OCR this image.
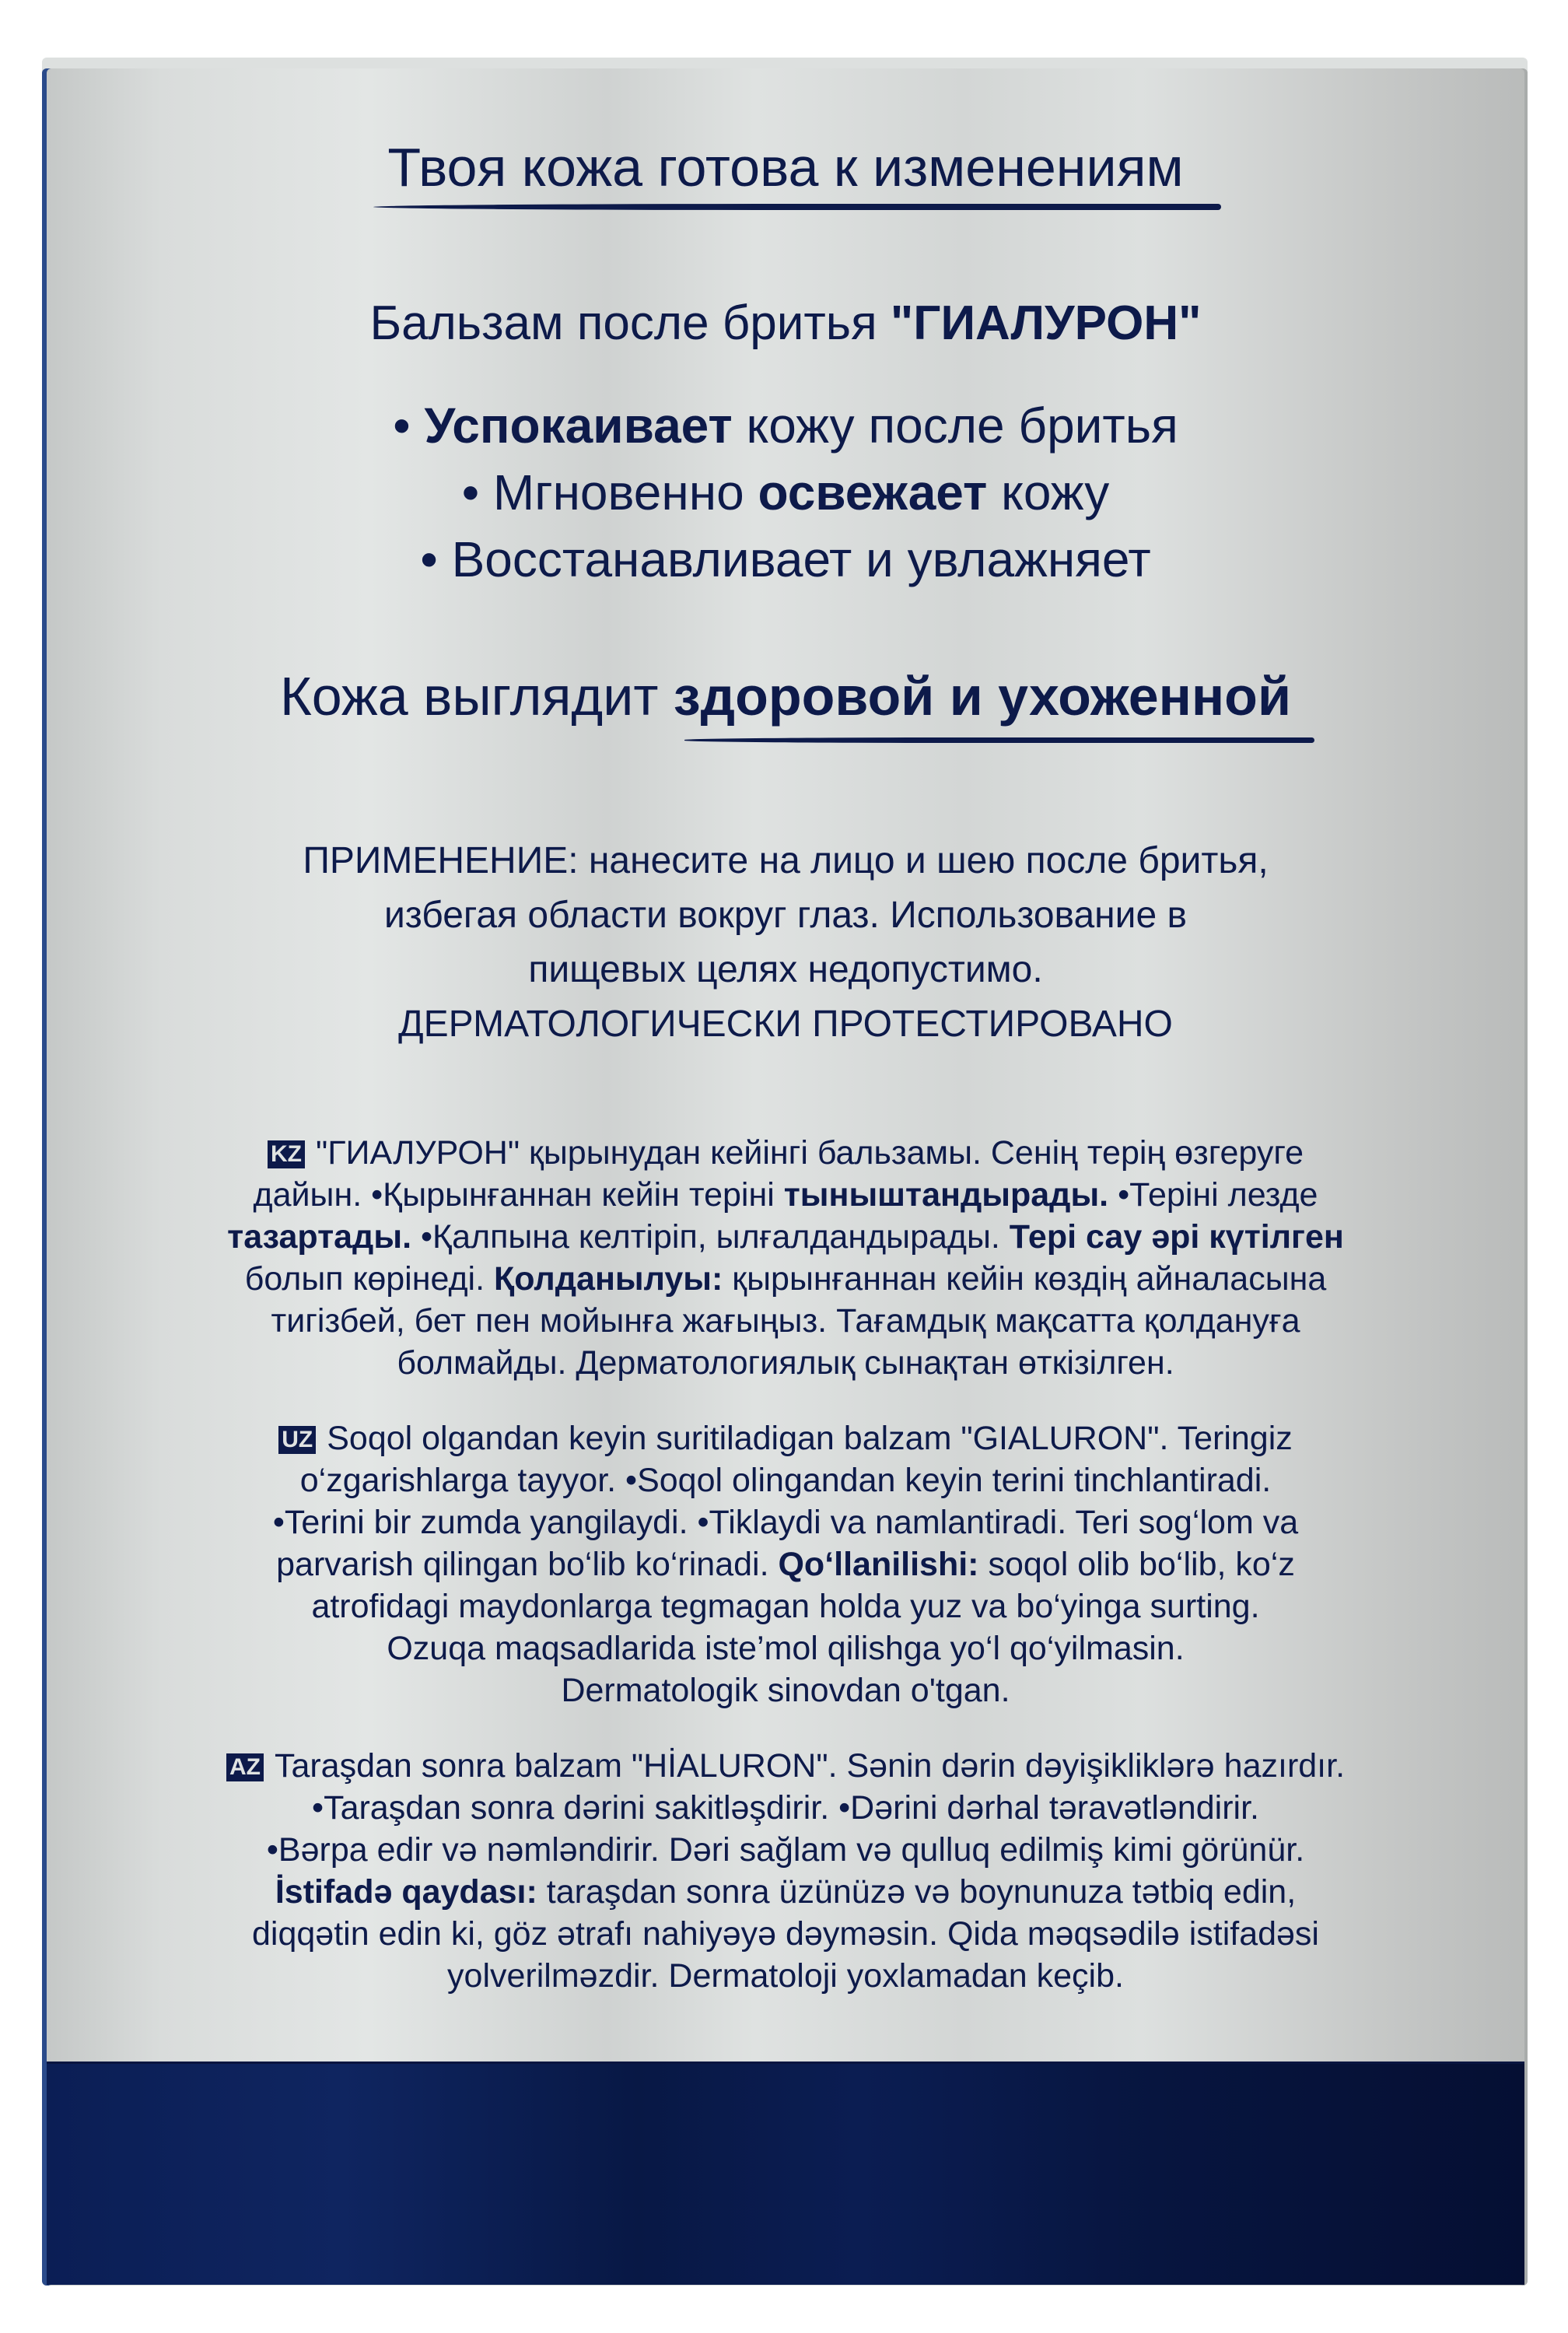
Твоя кожа готова к изменениям
Бальзам после бритья "ГИАЛУРОН"
• Успокаивает кожу после бритья
• Мгновенно освежает кожу
• Восстанавливает и увлажняет
Кожа выглядит здоровой и ухоженной
ПРИМЕНЕНИЕ: нанесите на лицо и шею после бритья,
избегая области вокруг глаз. Использование в
пищевых целях недопустимо.
ДЕРМАТОЛОГИЧЕСКИ ПРОТЕСТИРОВАНО
KZ "ГИАЛУРОН" қырынудан кейінгі бальзамы. Сенің терің өзгеруге
дайын. •Қырынғаннан кейін теріні тыныштандырады. •Теріні лезде
тазартады. •Қалпына келтіріп, ылғалдандырады. Тері сау әрі күтілген
болып көрінеді. Қолданылуы: қырынғаннан кейін көздің айналасына
тигізбей, бет пен мойынға жағыңыз. Тағамдық мақсатта қолдануға
болмайды. Дерматологиялық сынақтан өткізілген.
UZ Soqol olgandan keyin suritiladigan balzam "GIALURON". Teringiz
o‘zgarishlarga tayyor. •Soqol olingandan keyin terini tinchlantiradi.
•Terini bir zumda yangilaydi. •Tiklaydi va namlantiradi. Teri sog‘lom va
parvarish qilingan bo‘lib ko‘rinadi. Qo‘llanilishi: soqol olib bo‘lib, ko‘z
atrofidagi maydonlarga tegmagan holda yuz va bo‘yinga surting.
Ozuqa maqsadlarida iste’mol qilishga yo‘l qo‘yilmasin.
Dermatologik sinovdan o'tgan.
AZ Taraşdan sonra balzam "HİALURON". Sənin dərin dəyişikliklərə hazırdır.
•Taraşdan sonra dərini sakitləşdirir. •Dərini dərhal təravətləndirir.
•Bərpa edir və nəmləndirir. Dəri sağlam və qulluq edilmiş kimi görünür.
İstifadə qaydası: taraşdan sonra üzünüzə və boynunuza tətbiq edin,
diqqətin edin ki, göz ətrafı nahiyəyə dəyməsin. Qida məqsədilə istifadəsi
yolverilməzdir. Dermatoloji yoxlamadan keçib.
